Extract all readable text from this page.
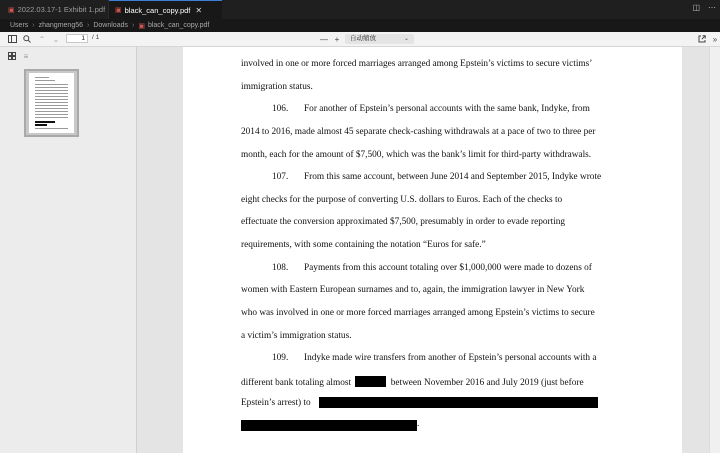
▣ 2022.03.17-1 Exhibit 1.pdf ▣ black_can_copy.pdf ✕	◫ ⋯
Users › zhangmeng56 › Downloads › ▣ black_can_copy.pdf
⌃ ⌄	1	/ 1	— +	自动缩放	⌄	»
≡
involved in one or more forced marriages arranged among Epstein’s victims to secure victims’
immigration status.
106. For another of Epstein’s personal accounts with the same bank, Indyke, from
2014 to 2016, made almost 45 separate check-cashing withdrawals at a pace of two to three per
month, each for the amount of $7,500, which was the bank’s limit for third-party withdrawals.
107. From this same account, between June 2014 and September 2015, Indyke wrote
eight checks for the purpose of converting U.S. dollars to Euros. Each of the checks to
effectuate the conversion approximated $7,500, presumably in order to evade reporting
requirements, with some containing the notation “Euros for safe.”
108. Payments from this account totaling over $1,000,000 were made to dozens of
women with Eastern European surnames and to, again, the immigration lawyer in New York
who was involved in one or more forced marriages arranged among Epstein’s victims to secure
a victim’s immigration status.
109. Indyke made wire transfers from another of Epstein’s personal accounts with a
different bank totaling almost	between November 2016 and July 2019 (just before
Epstein’s arrest) to
.
